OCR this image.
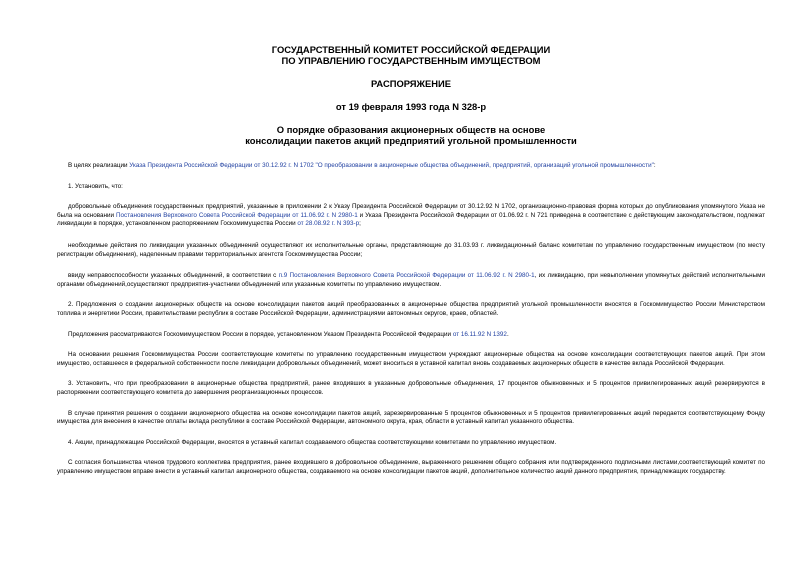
ГОСУДАРСТВЕННЫЙ КОМИТЕТ РОССИЙСКОЙ ФЕДЕРАЦИИ

ПО УПРАВЛЕНИЮ ГОСУДАРСТВЕННЫМ ИМУЩЕСТВОМ

РАСПОРЯЖЕНИЕ

от 19 февраля 1993 года N 328-р

О порядке образования акционерных обществ на основе

консолидации пакетов акций предприятий угольной промышленности

В целях реализации Указа Президента Российской Федерации от 30.12.92 г. N 1702 "О преобразовании в акционерные общества объединений, предприятий, организаций угольной промышленности":

1. Установить, что:

добровольные объединения государственных предприятий, указанные в приложении 2 к Указу Президента Российской Федерации от 30.12.92 N 1702, организационно-правовая форма которых до опубликования упомянутого Указа не была на основании Постановления Верховного Совета Российской Федерации от 11.06.92 г. N 2980-1 и Указа Президента Российской Федерации от 01.06.92 г. N 721 приведена в соответствие с действующим законодательством, подлежат ликвидации в порядке, установленном распоряжением Госкомимущества России от 28.08.92 г. N 393-р;

необходимые действия по ликвидации указанных объединений осуществляют их исполнительные органы, представляющие до 31.03.93 г. ликвидационный баланс комитетам по управлению государственным имуществом (по месту регистрации объединения), наделенным правами территориальных агентств Госкомимущества России;

ввиду неправоспособности указанных объединений, в соответствии с п.9 Постановления Верховного Совета Российской Федерации от 11.06.92 г. N 2980-1, их ликвидацию, при невыполнении упомянутых действий исполнительными органами объединений,осуществляют предприятия-участники объединений или указанные комитеты по управлению имуществом.

2. Предложения о создании акционерных обществ на основе консолидации пакетов акций преобразованных в акционерные общества предприятий угольной промышленности вносятся в Госкомимущество России Министерством топлива и энергетики России, правительствами республик в составе Российской Федерации, администрациями автономных округов, краев, областей.

Предложения рассматриваются Госкомимуществом России в порядке, установленном Указом Президента Российской Федерации от 16.11.92 N 1392.

На основании решения Госкомимущества России соответствующие комитеты по управлению государственным имуществом учреждают акционерные общества на основе консолидации соответствующих пакетов акций. При этом имущество, оставшееся в федеральной собственности после ликвидации добровольных объединений, может вноситься в уставной капитал вновь создаваемых акционерных обществ в качестве вклада Российской Федерации.

3. Установить, что при преобразовании в акционерные общества предприятий, ранее входивших в указанные добровольные объединения, 17 процентов обыкновенных и 5 процентов привилегированных акций резервируются в распоряжении соответствующего комитета до завершения реорганизационных процессов.

В случае принятия решения о создании акционерного общества на основе консолидации пакетов акций, зарезервированные 5 процентов обыкновенных и 5 процентов привилегированных акций передается соответствующему Фонду имущества для внесения в качестве оплаты вклада республики в составе Российской Федерации, автономного округа, края, области в уставный капитал указанного общества.

4. Акции, принадлежащие Российской Федерации, вносятся в уставный капитал создаваемого общества соответствующими комитетами по управлению имуществом.

С согласия большинства членов трудового коллектива предприятия, ранее входившего в добровольное объединение, выраженного решением общего собрания или подтвержденного подписными листами,соответствующий комитет по управлению имуществом вправе внести в уставный капитал акционерного общества, создаваемого на основе консолидации пакетов акций, дополнительное количество акций данного предприятия, принадлежащих государству.
